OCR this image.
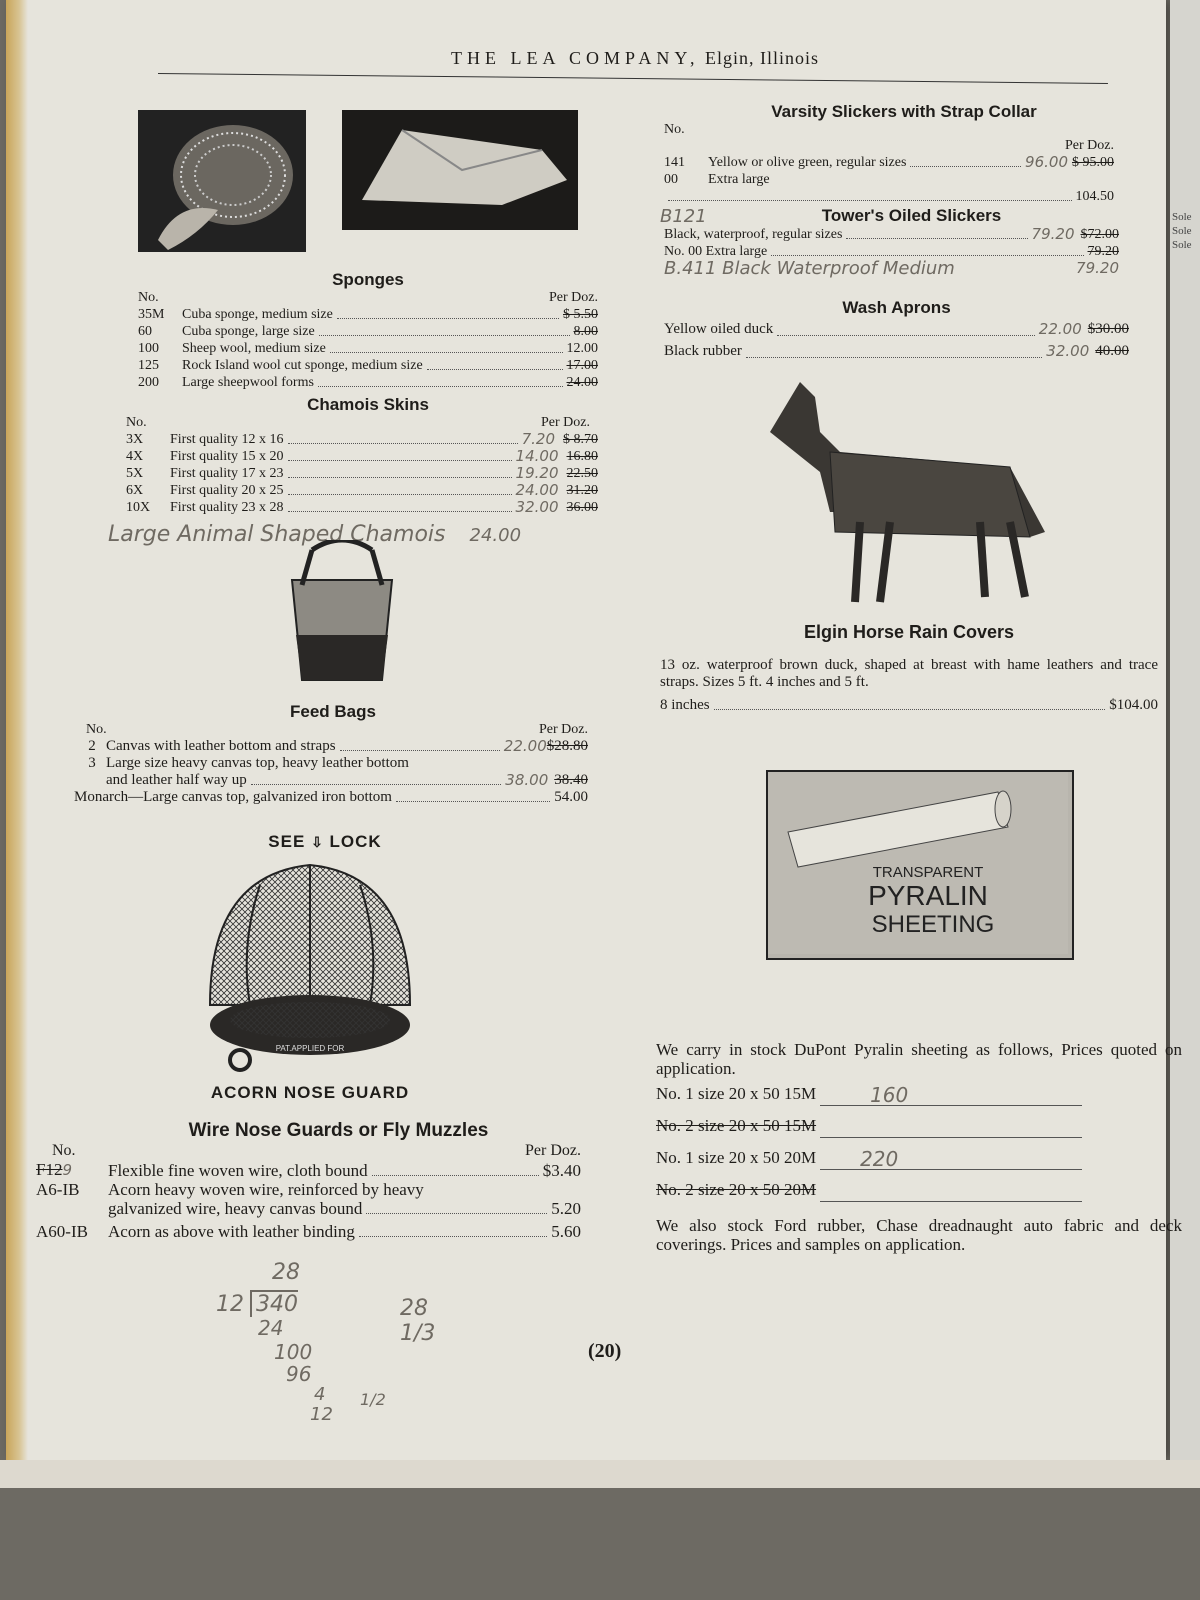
Sole
Sole
Sole
THE LEA COMPANY, Elgin, Illinois
Sponges
No.	Per Doz.
35M	Cuba sponge, medium size	$ 5.50
60	Cuba sponge, large size	8.00
100	Sheep wool, medium size	12.00
125	Rock Island wool cut sponge, medium size	17.00
200	Large sheepwool forms	24.00
Chamois Skins
No.	Per Doz.
3X	First quality 12 x 16	7.20 $ 8.70
4X	First quality 15 x 20	14.00 16.80
5X	First quality 17 x 23	19.20 22.50
6X	First quality 20 x 25	24.00 31.20
10X	First quality 23 x 28	32.00 36.00
Large Animal Shaped Chamois 24.00
Feed Bags
No.	Per Doz.
2 Canvas with leather bottom and straps	22.00 $28.80
3 Large size heavy canvas top, heavy leather bottom
and leather half way up	38.00 38.40
Monarch—Large canvas top, galvanized iron bottom	54.00
SEE ⇩ LOCK
PAT.APPLIED FOR
ACORN NOSE GUARD
Wire Nose Guards or Fly Muzzles
No.	Per Doz.
F129	Flexible fine woven wire, cloth bound	$3.40
A6-IB	Acorn heavy woven wire, reinforced by heavy
galvanized wire, heavy canvas bound	5.20
A60-IB	Acorn as above with leather binding	5.60
28
12 340
24
100
96
4
12
1/2
28 1/3
(20)
Varsity Slickers with Strap Collar
No.
Per Doz.
141	Yellow or olive green, regular sizes	96.00 $ 95.00
00	Extra large
104.50
B121	Tower's Oiled Slickers
Black, waterproof, regular sizes	79.20 $72.00
No. 00 Extra large	79.20
B.411 Black Waterproof Medium	79.20
Wash Aprons
Yellow oiled duck	22.00 $30.00
Black rubber	32.00 40.00
Elgin Horse Rain Covers
13 oz. waterproof brown duck, shaped at breast with hame leathers and trace straps. Sizes 5 ft. 4 inches and 5 ft.
8 inches	$104.00
TRANSPARENT
PYRALIN
SHEETING
We carry in stock DuPont Pyralin sheeting as follows, Prices quoted on application.
No. 1 size 20 x 50 15M	160
No. 2 size 20 x 50 15M
No. 1 size 20 x 50 20M 220
No. 2 size 20 x 50 20M
We also stock Ford rubber, Chase dreadnaught auto fabric and deck coverings. Prices and samples on application.
